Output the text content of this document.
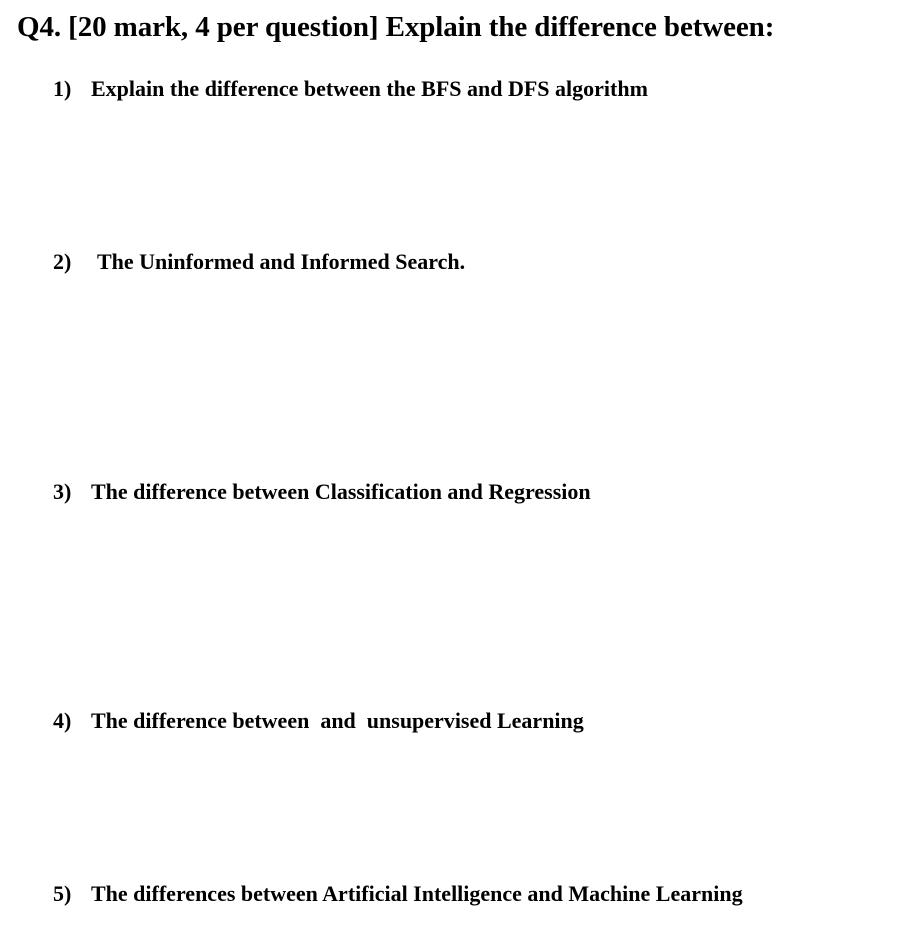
Q4. [20 mark, 4 per question] Explain the difference between:
1) Explain the difference between the BFS and DFS algorithm
2) The Uninformed and Informed Search.
3) The difference between Classification and Regression
4) The difference between  and  unsupervised Learning
5) The differences between Artificial Intelligence and Machine Learning
